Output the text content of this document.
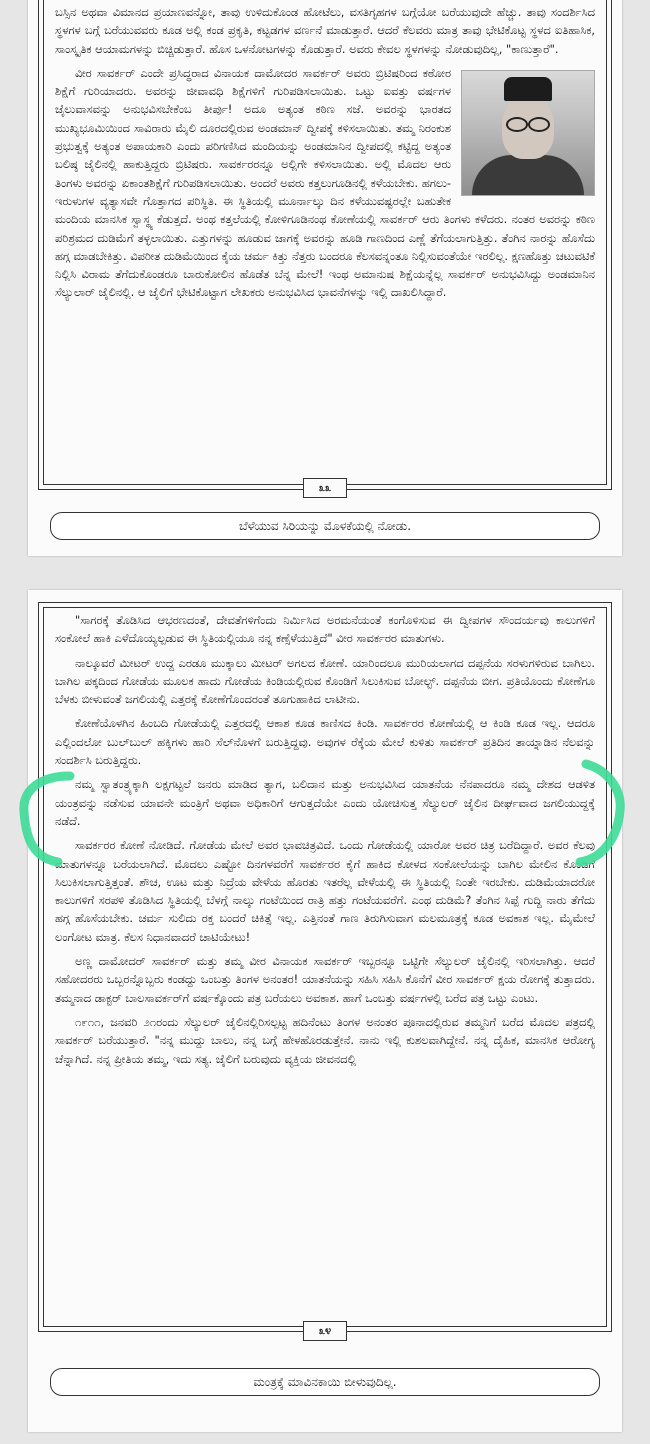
ಬಸ್ಸಿನ ಅಥವಾ ವಿಮಾನದ ಪ್ರಯಾಣವನ್ನೋ, ತಾವು ಉಳಿದುಕೊಂಡ ಹೋಟೆಲು, ವಸತಿಗೃಹಗಳ ಬಗ್ಗೆಯೋ ಬರೆಯುವುದೇ ಹೆಚ್ಚು. ತಾವು ಸಂದರ್ಶಿಸಿದ ಸ್ಥಳಗಳ ಬಗ್ಗೆ ಬರೆಯುವವರು ಕೂಡ ಅಲ್ಲಿ ಕಂಡ ಪ್ರಕೃತಿ, ಕಟ್ಟಡಗಳ ವರ್ಣನೆ ಮಾಡುತ್ತಾರೆ. ಆದರೆ ಕೆಲವರು ಮಾತ್ರ ತಾವು ಭೇಟಿಕೊಟ್ಟ ಸ್ಥಳದ ಐತಿಹಾಸಿಕ, ಸಾಂಸ್ಕೃತಿಕ ಆಯಾಮಗಳನ್ನು ಬಿಚ್ಚಿಡುತ್ತಾರೆ. ಹೊಸ ಒಳನೋಟಗಳನ್ನು ಕೊಡುತ್ತಾರೆ. ಅವರು ಕೇವಲ ಸ್ಥಳಗಳನ್ನು ನೋಡುವುದಿಲ್ಲ, "ಕಾಣುತ್ತಾರೆ".

ವೀರ ಸಾವರ್ಕರ್ ಎಂದೇ ಪ್ರಸಿದ್ಧರಾದ ವಿನಾಯಕ ದಾಮೋದರ ಸಾವರ್ಕರ್ ಅವರು ಬ್ರಿಟಿಷರಿಂದ ಕಠೋರ ಶಿಕ್ಷೆಗೆ ಗುರಿಯಾದರು. ಅವರನ್ನು ಜೀವಾವಧಿ ಶಿಕ್ಷೆಗಳಿಗೆ ಗುರಿಪಡಿಸಲಾಯಿತು. ಒಟ್ಟು ಐವತ್ತು ವರ್ಷಗಳ ಜೈಲುವಾಸವನ್ನು ಅನುಭವಿಸಬೇಕೆಂಬ ತೀರ್ಪು! ಅದೂ ಅತ್ಯಂತ ಕಠಿಣ ಸಜೆ. ಅವರನ್ನು ಭಾರತದ ಮುಖ್ಯಭೂಮಿಯಿಂದ ಸಾವಿರಾರು ಮೈಲಿ ದೂರದಲ್ಲಿರುವ ಅಂಡಮಾನ್ ದ್ವೀಪಕ್ಕೆ ಕಳಿಸಲಾಯಿತು. ತಮ್ಮ ನಿರಂಕುಶ ಪ್ರಭುತ್ವಕ್ಕೆ ಅತ್ಯಂತ ಅಪಾಯಕಾರಿ ಎಂದು ಪರಿಗಣಿಸಿದ ಮಂದಿಯನ್ನು ಅಂಡಮಾನಿನ ದ್ವೀಪದಲ್ಲಿ ಕಟ್ಟಿದ್ದ ಅತ್ಯಂತ ಬಲಿಷ್ಠ ಜೈಲಿನಲ್ಲಿ ಹಾಕುತ್ತಿದ್ದರು ಬ್ರಿಟಿಷರು. ಸಾವರ್ಕರರನ್ನೂ ಅಲ್ಲಿಗೇ ಕಳಿಸಲಾಯಿತು. ಅಲ್ಲಿ ಮೊದಲ ಆರು ತಿಂಗಳು ಅವರನ್ನು ಏಕಾಂತಶಿಕ್ಷೆಗೆ ಗುರಿಪಡಿಸಲಾಯಿತು. ಅಂದರೆ ಅವರು ಕತ್ತಲುಗೂಡಿನಲ್ಲಿ ಕಳೆಯಬೇಕು. ಹಗಲು-ಇರುಳುಗಳ ವ್ಯತ್ಯಾಸವೇ ಗೊತ್ತಾಗದ ಪರಿಸ್ಥಿತಿ. ಈ ಸ್ಥಿತಿಯಲ್ಲಿ ಮೂರ್ನಾಲ್ಕು ದಿನ ಕಳೆಯುವಷ್ಟರಲ್ಲೇ ಬಹುತೇಕ ಮಂದಿಯ ಮಾನಸಿಕ ಸ್ವಾಸ್ಥ್ಯ ಕೆಡುತ್ತದೆ. ಅಂಥ ಕತ್ತಲೆಯಲ್ಲಿ ಕೋಳಿಗೂಡಿನಂಥ ಕೋಣೆಯಲ್ಲಿ ಸಾವರ್ಕರ್ ಆರು ತಿಂಗಳು ಕಳೆದರು. ನಂತರ ಅವರನ್ನು ಕಠಿಣ ಪರಿಶ್ರಮದ ದುಡಿಮೆಗೆ ತಳ್ಳಲಾಯಿತು. ಎತ್ತುಗಳನ್ನು ಹೂಡುವ ಜಾಗಕ್ಕೆ ಅವರನ್ನು ಹೂಡಿ ಗಾಣದಿಂದ ಎಣ್ಣೆ ತೆಗೆಯಲಾಗುತ್ತಿತ್ತು. ತೆಂಗಿನ ನಾರನ್ನು ಹೊಸೆದು ಹಗ್ಗ ಮಾಡಬೇಕಿತ್ತು. ವಿಪರೀತ ದುಡಿಮೆಯಿಂದ ಕೈಯ ಚರ್ಮ ಕಿತ್ತು ನೆತ್ತರು ಬಂದರೂ ಕೆಲಸವನ್ನಂತೂ ನಿಲ್ಲಿಸುವಂತೆಯೇ ಇರಲಿಲ್ಲ. ಕ್ಷಣಹೊತ್ತು ಚಟುವಟಿಕೆ ನಿಲ್ಲಿಸಿ ವಿರಾಮ ತೆಗೆದುಕೊಂಡರೂ ಬಾರುಕೋಲಿನ ಹೊಡೆತ ಬೆನ್ನ ಮೇಲೆ! ಇಂಥ ಅಮಾನುಷ ಶಿಕ್ಷೆಯನ್ನೆಲ್ಲ ಸಾವರ್ಕರ್ ಅನುಭವಿಸಿದ್ದು ಅಂಡಮಾನಿನ ಸೆಲ್ಯುಲಾರ್ ಜೈಲಿನಲ್ಲಿ. ಆ ಜೈಲಿಗೆ ಭೇಟಿಕೊಟ್ಟಾಗ ಲೇಖಕರು ಅನುಭವಿಸಿದ ಭಾವನೆಗಳನ್ನು ಇಲ್ಲಿ ದಾಖಲಿಸಿದ್ದಾರೆ.

೩೩
ಬೆಳೆಯುವ ಸಿರಿಯನ್ನು ಮೊಳಕೆಯಲ್ಲಿ ನೋಡು.

"ಸಾಗರಕ್ಕೆ ತೊಡಿಸಿದ ಆಭರಣದಂತೆ, ದೇವತೆಗಳಿಗೆಂದು ನಿರ್ಮಿಸಿದ ಅರಮನೆಯಂತೆ ಕಂಗೊಳಿಸುವ ಈ ದ್ವೀಪಗಳ ಸೌಂದರ್ಯವು ಕಾಲುಗಳಿಗೆ ಸಂಕೋಲೆ ಹಾಕಿ ಎಳೆದೊಯ್ಯಲ್ಪಡುವ ಈ ಸ್ಥಿತಿಯಲ್ಲಿಯೂ ನನ್ನ ಕಣ್ಸೆಳೆಯುತ್ತಿದೆ" ವೀರ ಸಾವರ್ಕರರ ಮಾತುಗಳು.

ನಾಲ್ಕೂವರೆ ಮೀಟರ್ ಉದ್ದ ಎರಡೂ ಮುಕ್ಕಾಲು ಮೀಟರ್ ಅಗಲದ ಕೋಣೆ. ಯಾರಿಂದಲೂ ಮುರಿಯಲಾಗದ ದಪ್ಪನೆಯ ಸರಳುಗಳಿರುವ ಬಾಗಿಲು. ಬಾಗಿಲ ಪಕ್ಕದಿಂದ ಗೋಡೆಯ ಮೂಲಕ ಹಾದು ಗೋಡೆಯ ಕಿಂಡಿಯಲ್ಲಿರುವ ಕೊಂಡಿಗೆ ಸಿಲುಕಿಸುವ ಬೋಲ್ಟ್. ದಪ್ಪನೆಯ ಬೀಗ. ಪ್ರತಿಯೊಂದು ಕೋಣೆಗೂ ಬೆಳಕು ಬೀಳುವಂತೆ ಜಗಲಿಯಲ್ಲಿ ಎತ್ತರಕ್ಕೆ ಕೋಣೆಗೊಂದರಂತೆ ತೂಗುಹಾಕಿದ ಲಾಟೀನು.

ಕೋಣೆಯೊಳಗಿನ ಹಿಂಬದಿ ಗೋಡೆಯಲ್ಲಿ ಎತ್ತರದಲ್ಲಿ ಆಕಾಶ ಕೂಡ ಕಾಣಿಸದ ಕಿಂಡಿ. ಸಾವರ್ಕರರ ಕೋಣೆಯಲ್ಲಿ ಆ ಕಿಂಡಿ ಕೂಡ ಇಲ್ಲ. ಆದರೂ ಎಲ್ಲಿಂದಲೋ ಬುಲ್‌ಬುಲ್ ಹಕ್ಕಿಗಳು ಹಾರಿ ಸೆಲ್‌ನೊಳಗೆ ಬರುತ್ತಿದ್ದವು. ಅವುಗಳ ರೆಕ್ಕೆಯ ಮೇಲೆ ಕುಳಿತು ಸಾವರ್ಕರ್ ಪ್ರತಿದಿನ ತಾಯ್ನಾಡಿನ ನೆಲವನ್ನು ಸಂದರ್ಶಿಸಿ ಬರುತ್ತಿದ್ದರು.

ನಮ್ಮ ಸ್ವಾತಂತ್ರ್ಯಕ್ಕಾಗಿ ಲಕ್ಷಗಟ್ಟಲೆ ಜನರು ಮಾಡಿದ ತ್ಯಾಗ, ಬಲಿದಾನ ಮತ್ತು ಅನುಭವಿಸಿದ ಯಾತನೆಯ ನೆನಪಾದರೂ ನಮ್ಮ ದೇಶದ ಆಡಳಿತ ಯಂತ್ರವನ್ನು ನಡೆಸುವ ಯಾವನೇ ಮಂತ್ರಿಗೆ ಅಥವಾ ಅಧಿಕಾರಿಗೆ ಆಗುತ್ತದೆಯೇ ಎಂದು ಯೋಚಿಸುತ್ತ ಸೆಲ್ಯುಲರ್ ಜೈಲಿನ ದೀರ್ಘವಾದ ಜಗಲಿಯುದ್ದಕ್ಕೆ ನಡೆದೆ.

ಸಾವರ್ಕರರ ಕೋಣೆ ನೋಡಿದೆ. ಗೋಡೆಯ ಮೇಲೆ ಅವರ ಭಾವಚಿತ್ರವಿದೆ. ಒಂದು ಗೋಡೆಯಲ್ಲಿ ಯಾರೋ ಅವರ ಚಿತ್ರ ಬರೆದಿದ್ದಾರೆ. ಅವರ ಕೆಲವು ಮಾತುಗಳನ್ನೂ ಬರೆಯಲಾಗಿದೆ. ಮೊದಲು ಎಷ್ಟೋ ದಿನಗಳವರೆಗೆ ಸಾವರ್ಕರರ ಕೈಗೆ ಹಾಕಿದ ಕೋಳದ ಸಂಕೋಲೆಯನ್ನು ಬಾಗಿಲ ಮೇಲಿನ ಕೊಂಡಿಗೆ ಸಿಲುಕಿಸಲಾಗುತ್ತಿತ್ತಂತೆ. ಶೌಚ, ಊಟ ಮತ್ತು ನಿದ್ರೆಯ ವೇಳೆಯ ಹೊರತು ಇತರೆಲ್ಲ ವೇಳೆಯಲ್ಲಿ ಈ ಸ್ಥಿತಿಯಲ್ಲಿ ನಿಂತೇ ಇರಬೇಕು. ದುಡಿಮೆಯಾದರೋ ಕಾಲುಗಳಿಗೆ ಸರಪಳಿ ತೊಡಿಸಿದ ಸ್ಥಿತಿಯಲ್ಲಿ ಬೆಳಗ್ಗೆ ನಾಲ್ಕು ಗಂಟೆಯಿಂದ ರಾತ್ರಿ ಹತ್ತು ಗಂಟೆಯವರೆಗೆ. ಎಂಥ ದುಡಿಮೆ? ತೆಂಗಿನ ಸಿಪ್ಪೆ ಗುದ್ದಿ ನಾರು ತೆಗೆದು ಹಗ್ಗ ಹೊಸೆಯಬೇಕು. ಚರ್ಮ ಸುಲಿದು ರಕ್ತ ಬಂದರೆ ಚಿಕಿತ್ಸೆ ಇಲ್ಲ. ಎತ್ತಿನಂತೆ ಗಾಣ ತಿರುಗಿಸುವಾಗ ಮಲಮೂತ್ರಕ್ಕೆ ಕೂಡ ಅವಕಾಶ ಇಲ್ಲ. ಮೈಮೇಲೆ ಲಂಗೋಟ ಮಾತ್ರ. ಕೆಲಸ ನಿಧಾನವಾದರೆ ಚಾಟಿಯೇಟು!

ಅಣ್ಣ ದಾಮೋದರ್ ಸಾವರ್ಕರ್ ಮತ್ತು ತಮ್ಮ ವೀರ ವಿನಾಯಕ ಸಾವರ್ಕರ್ ಇಬ್ಬರನ್ನೂ ಒಟ್ಟಿಗೇ ಸೆಲ್ಯುಲರ್ ಜೈಲಿನಲ್ಲಿ ಇರಿಸಲಾಗಿತ್ತು. ಆದರೆ ಸಹೋದರರು ಒಬ್ಬರನ್ನೊಬ್ಬರು ಕಂಡದ್ದು ಒಂಬತ್ತು ತಿಂಗಳ ಅನಂತರ! ಯಾತನೆಯನ್ನು ಸಹಿಸಿ ಸಹಿಸಿ ಕೊನೆಗೆ ವೀರ ಸಾವರ್ಕರ್ ಕ್ಷಯ ರೋಗಕ್ಕೆ ತುತ್ತಾದರು. ತಮ್ಮನಾದ ಡಾಕ್ಟರ್ ಬಾಲಸಾವರ್ಕರ್‌ಗೆ ವರ್ಷಕ್ಕೊಂದು ಪತ್ರ ಬರೆಯಲು ಅವಕಾಶ. ಹಾಗೆ ಒಂಬತ್ತು ವರ್ಷಗಳಲ್ಲಿ ಬರೆದ ಪತ್ರ ಒಟ್ಟು ಎಂಟು.

೧೯೧೧, ಜನವರಿ ೨೧ರಂದು ಸೆಲ್ಯುಲರ್ ಜೈಲಿನಲ್ಲಿರಿಸಲ್ಪಟ್ಟ ಹದಿನೆಂಟು ತಿಂಗಳ ಅನಂತರ ಪೂನಾದಲ್ಲಿರುವ ತಮ್ಮನಿಗೆ ಬರೆದ ಮೊದಲ ಪತ್ರದಲ್ಲಿ ಸಾವರ್ಕರ್ ಬರೆಯುತ್ತಾರೆ. "ನನ್ನ ಮುದ್ದು ಬಾಲು, ನನ್ನ ಬಗ್ಗೆ ಹೇಳಹೊರಡುತ್ತೇನೆ. ನಾನು ಇಲ್ಲಿ ಕುಶಲವಾಗಿದ್ದೇನೆ. ನನ್ನ ದೈಹಿಕ, ಮಾನಸಿಕ ಆರೋಗ್ಯ ಚೆನ್ನಾಗಿದೆ. ನನ್ನ ಪ್ರೀತಿಯ ತಮ್ಮ, ಇದು ಸತ್ಯ. ಜೈಲಿಗೆ ಬರುವುದು ವ್ಯಕ್ತಿಯ ಜೀವನದಲ್ಲಿ

೩೪
ಮಂತ್ರಕ್ಕೆ ಮಾವಿನಕಾಯಿ ಬೀಳುವುದಿಲ್ಲ.
